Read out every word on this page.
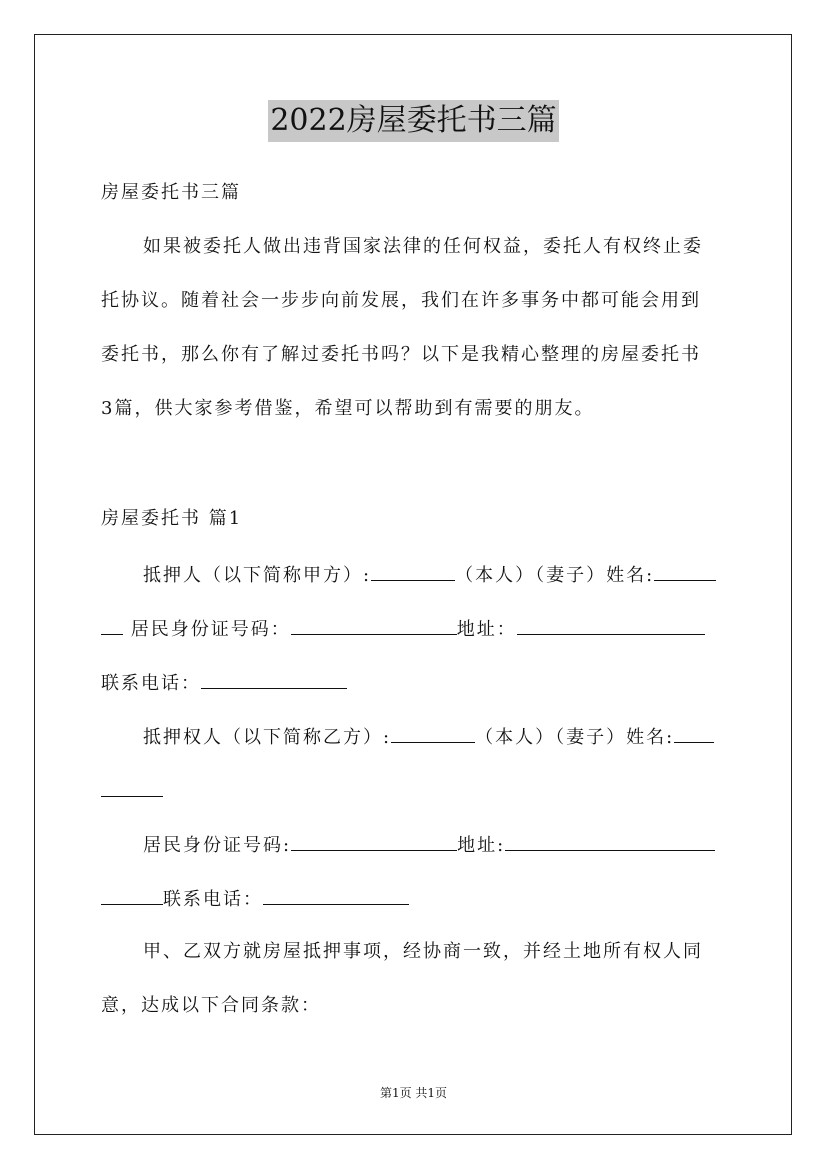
2022房屋委托书三篇
房屋委托书三篇
如果被委托人做出违背国家法律的任何权益，委托人有权终止委
托协议。随着社会一步步向前发展，我们在许多事务中都可能会用到
委托书，那么你有了解过委托书吗？以下是我精心整理的房屋委托书
3篇，供大家参考借鉴，希望可以帮助到有需要的朋友。
房屋委托书 篇1
抵押人（以下简称甲方）:	（本人）（妻子）姓名:
居民身份证号码：	地址：
联系电话：
抵押权人（以下简称乙方）:	（本人）（妻子）姓名:
居民身份证号码:	地址:
联系电话：
甲、乙双方就房屋抵押事项，经协商一致，并经土地所有权人同
意，达成以下合同条款：
第1页 共1页
